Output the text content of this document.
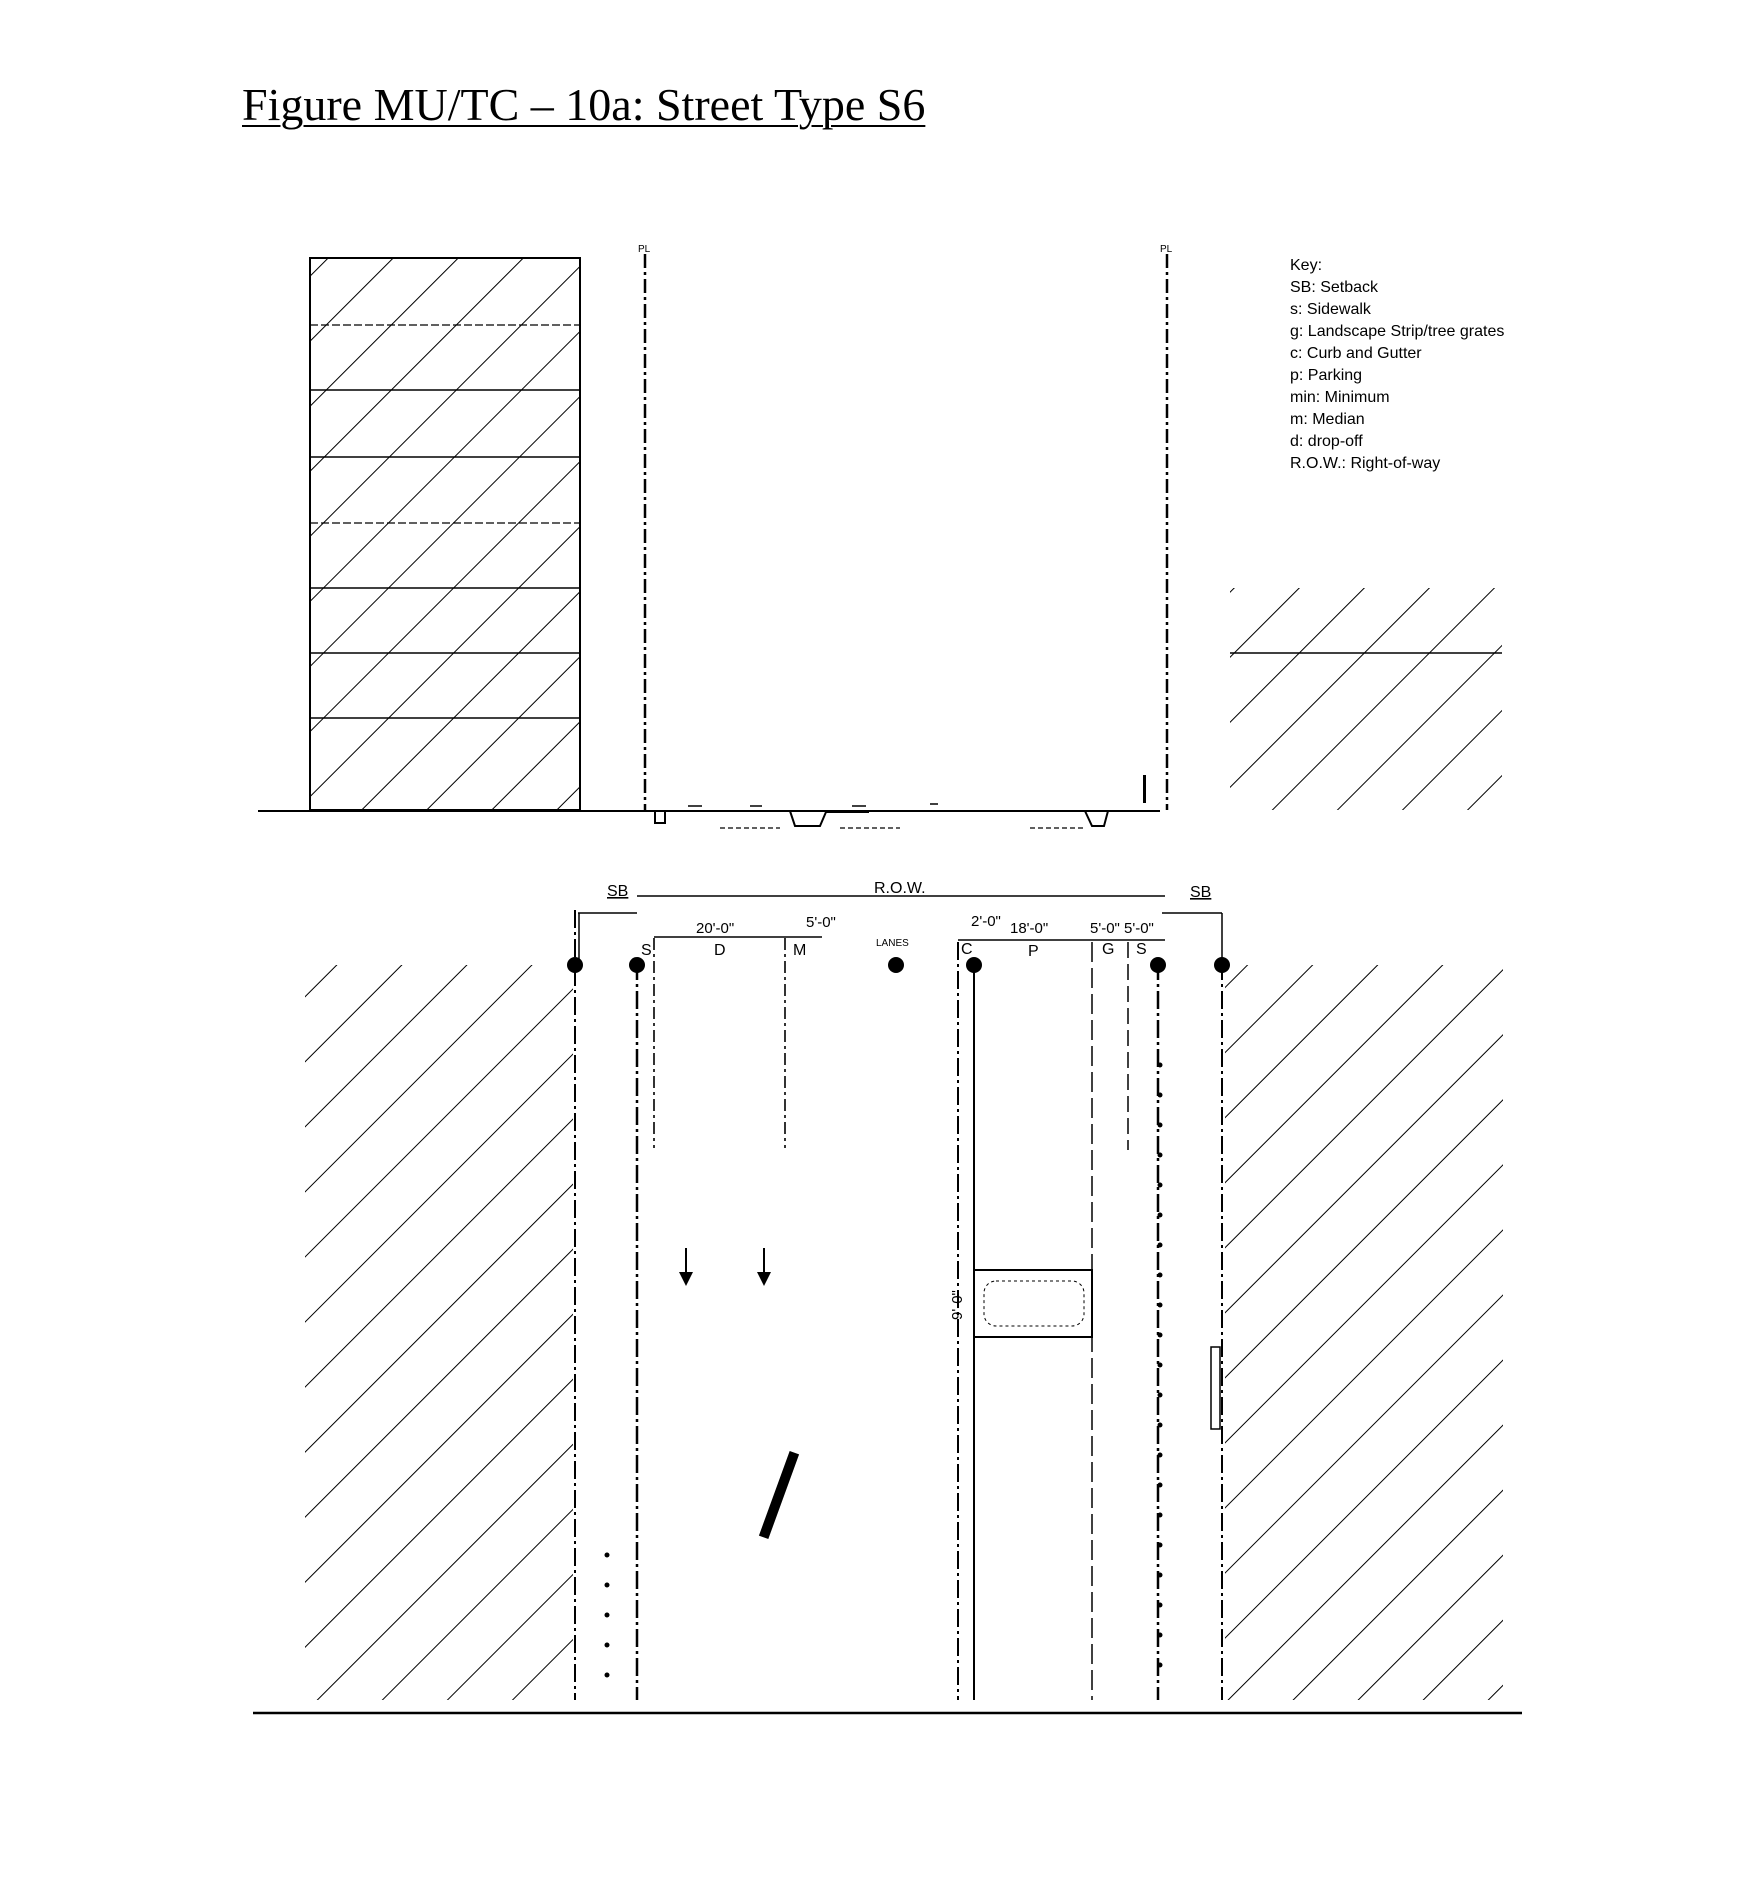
Figure MU/TC – 10a: Street Type S6
PL	PL
Key:
SB: Setback
s: Sidewalk
g: Landscape Strip/tree grates
c: Curb and Gutter
p: Parking
min: Minimum
m: Median
d: drop-off
R.O.W.: Right-of-way
R.O.W.
SB	SB
20'-0"	5'-0"	2'-0" 18'-0"	5'-0" 5'-0"
9'-0"
S	D	M	LANES	C	P	G S
